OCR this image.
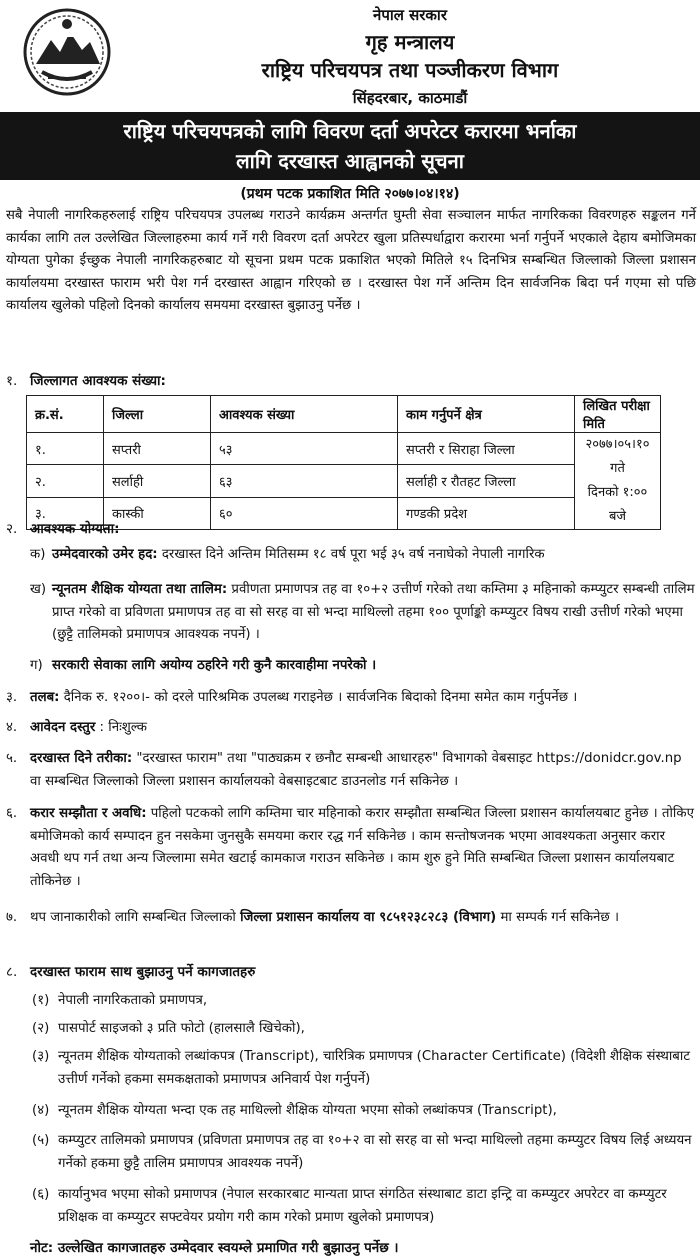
नेपाल सरकार
गृह मन्त्रालय
राष्ट्रिय परिचयपत्र तथा पञ्जीकरण विभाग
सिंहदरबार, काठमाडौं
राष्ट्रिय परिचयपत्रको लागि विवरण दर्ता अपरेटर करारमा भर्नाका
लागि दरखास्त आह्वानको सूचना
(प्रथम पटक प्रकाशित मिति २०७७।०४।१४)
सबै नेपाली नागरिकहरुलाई राष्ट्रिय परिचयपत्र उपलब्ध गराउने कार्यक्रम अन्तर्गत घुम्ती सेवा सञ्चालन मार्फत नागरिकका विवरणहरु सङ्कलन गर्ने कार्यका लागि तल उल्लेखित जिल्लाहरुमा कार्य गर्ने गरी विवरण दर्ता अपरेटर खुला प्रतिस्पर्धाद्वारा करारमा भर्ना गर्नुपर्ने भएकाले देहाय बमोजिमका योग्यता पुगेका ईच्छुक नेपाली नागरिकहरुबाट यो सूचना प्रथम पटक प्रकाशित भएको मितिले १५ दिनभित्र सम्बन्धित जिल्लाको जिल्ला प्रशासन कार्यालयमा दरखास्त फाराम भरी पेश गर्न दरखास्त आह्वान गरिएको छ । दरखास्त पेश गर्ने अन्तिम दिन सार्वजनिक बिदा पर्न गएमा सो पछि कार्यालय खुलेको पहिलो दिनको कार्यालय समयमा दरखास्त बुझाउनु पर्नेछ ।
१. जिल्लागत आवश्यक संख्या:
क्र.सं.	जिल्ला	आवश्यक संख्या	काम गर्नुपर्ने क्षेत्र	लिखित परीक्षा मिति
१.	सप्तरी	५३	सप्तरी र सिराहा जिल्ला	२०७७।०५।१० गते
दिनको १:०० बजे

२.	सर्लाही	६३	सर्लाही र रौतहट जिल्ला	
३.	कास्की	६०	गण्डकी प्रदेश	
२. आवश्यक योग्यता:
क) उम्मेदवारको उमेर हद: दरखास्त दिने अन्तिम मितिसम्म १८ वर्ष पूरा भई ३५ वर्ष ननाघेको नेपाली नागरिक
ख) न्यूनतम शैक्षिक योग्यता तथा तालिम: प्रवीणता प्रमाणपत्र तह वा १०+२ उत्तीर्ण गरेको तथा कम्तिमा ३ महिनाको कम्प्युटर सम्बन्धी तालिम प्राप्त गरेको वा प्रविणता प्रमाणपत्र तह वा सो सरह वा सो भन्दा माथिल्लो तहमा १०० पूर्णाङ्को कम्प्युटर विषय राखी उत्तीर्ण गरेको भएमा (छुट्टै तालिमको प्रमाणपत्र आवश्यक नपर्ने) ।
ग) सरकारी सेवाका लागि अयोग्य ठहरिने गरी कुनै कारवाहीमा नपरेको ।
३. तलब: दैनिक रु. १२००।- को दरले पारिश्रमिक उपलब्ध गराइनेछ । सार्वजनिक बिदाको दिनमा समेत काम गर्नुपर्नेछ ।
४. आवेदन दस्तुर : निःशुल्क
५. दरखास्त दिने तरीका: "दरखास्त फाराम" तथा "पाठ्यक्रम र छनौट सम्बन्धी आधारहरु" विभागको वेबसाइट https://donidcr.gov.np वा सम्बन्धित जिल्लाको जिल्ला प्रशासन कार्यालयको वेबसाइटबाट डाउनलोड गर्न सकिनेछ ।
६. करार सम्झौता र अवधि: पहिलो पटकको लागि कम्तिमा चार महिनाको करार सम्झौता सम्बन्धित जिल्ला प्रशासन कार्यालयबाट हुनेछ । तोकिए बमोजिमको कार्य सम्पादन हुन नसकेमा जुनसुकै समयमा करार रद्ध गर्न सकिनेछ । काम सन्तोषजनक भएमा आवश्यकता अनुसार करार अवधी थप गर्न तथा अन्य जिल्लामा समेत खटाई कामकाज गराउन सकिनेछ । काम शुरु हुने मिति सम्बन्धित जिल्ला प्रशासन कार्यालयबाट तोकिनेछ ।
७. थप जानाकारीको लागि सम्बन्धित जिल्लाको जिल्ला प्रशासन कार्यालय वा ९८५१२३८२८३ (विभाग) मा सम्पर्क गर्न सकिनेछ ।
८. दरखास्त फाराम साथ बुझाउनु पर्ने कागजातहरु
(१) नेपाली नागरिकताको प्रमाणपत्र,
(२) पासपोर्ट साइजको ३ प्रति फोटो (हालसालै खिचेको),
(३) न्यूनतम शैक्षिक योग्यताको लब्धांकपत्र (Transcript), चारित्रिक प्रमाणपत्र (Character Certificate) (विदेशी शैक्षिक संस्थाबाट उत्तीर्ण गर्नेको हकमा समकक्षताको प्रमाणपत्र अनिवार्य पेश गर्नुपर्ने)
(४) न्यूनतम शैक्षिक योग्यता भन्दा एक तह माथिल्लो शैक्षिक योग्यता भएमा सोको लब्धांकपत्र (Transcript),
(५) कम्प्युटर तालिमको प्रमाणपत्र (प्रविणता प्रमाणपत्र तह वा १०+२ वा सो सरह वा सो भन्दा माथिल्लो तहमा कम्प्युटर विषय लिई अध्ययन गर्नेको हकमा छुट्टै तालिम प्रमाणपत्र आवश्यक नपर्ने)
(६) कार्यानुभव भएमा सोको प्रमाणपत्र (नेपाल सरकारबाट मान्यता प्राप्त संगठित संस्थाबाट डाटा इन्ट्रि वा कम्प्युटर अपरेटर वा कम्प्युटर प्रशिक्षक वा कम्प्युटर सफ्टवेयर प्रयोग गरी काम गरेको प्रमाण खुलेको प्रमाणपत्र)
नोट: उल्लेखित कागजातहरु उम्मेदवार स्वयम्ले प्रमाणित गरी बुझाउनु पर्नेछ ।
